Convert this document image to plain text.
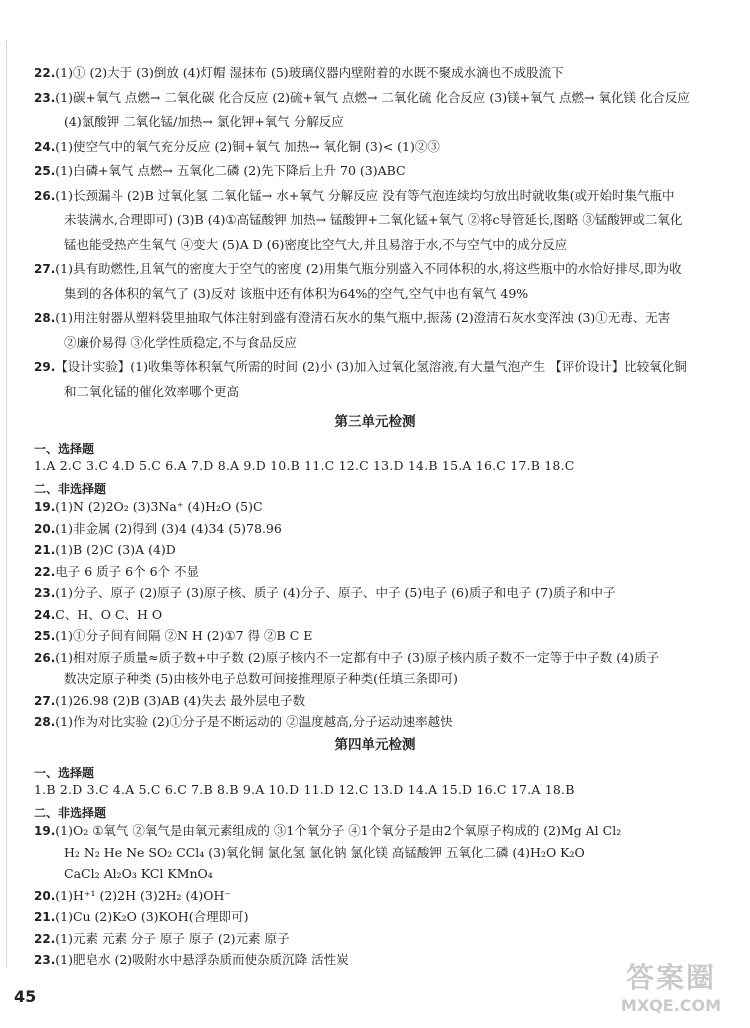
22.(1)① (2)大于 (3)倒放 (4)灯帽 湿抹布 (5)玻璃仪器内壁附着的水既不聚成水滴也不成股流下
23.(1)碳+氧气 点燃→ 二氧化碳 化合反应 (2)硫+氧气 点燃→ 二氧化硫 化合反应 (3)镁+氧气 点燃→ 氧化镁 化合反应
(4)氯酸钾 二氧化锰/加热→ 氯化钾+氧气 分解反应
24.(1)使空气中的氧气充分反应 (2)铜+氧气 加热→ 氧化铜 (3)< (1)②③
25.(1)白磷+氧气 点燃→ 五氧化二磷 (2)先下降后上升 70 (3)ABC
26.(1)长颈漏斗 (2)B 过氧化氢 二氧化锰→ 水+氧气 分解反应 没有等气泡连续均匀放出时就收集(或开始时集气瓶中
未装满水,合理即可) (3)B (4)①高锰酸钾 加热→ 锰酸钾+二氧化锰+氧气 ②将c导管延长,图略 ③锰酸钾或二氧化
锰也能受热产生氧气 ④变大 (5)A D (6)密度比空气大,并且易溶于水,不与空气中的成分反应
27.(1)具有助燃性,且氧气的密度大于空气的密度 (2)用集气瓶分别盛入不同体积的水,将这些瓶中的水恰好排尽,即为收
集到的各体积的氧气了 (3)反对 该瓶中还有体积为64%的空气,空气中也有氧气 49%
28.(1)用注射器从塑料袋里抽取气体注射到盛有澄清石灰水的集气瓶中,振荡 (2)澄清石灰水变浑浊 (3)①无毒、无害
②廉价易得 ③化学性质稳定,不与食品反应
29.【设计实验】(1)收集等体积氧气所需的时间 (2)小 (3)加入过氧化氢溶液,有大量气泡产生 【评价设计】比较氧化铜
和二氧化锰的催化效率哪个更高
第三单元检测
一、选择题
1.A 2.C 3.C 4.D 5.C 6.A 7.D 8.A 9.D 10.B 11.C 12.C 13.D 14.B 15.A 16.C 17.B 18.C
二、非选择题
19.(1)N (2)2O₂ (3)3Na⁺ (4)H₂O (5)C
20.(1)非金属 (2)得到 (3)4 (4)34 (5)78.96
21.(1)B (2)C (3)A (4)D
22.电子 6 质子 6个 6个 不显
23.(1)分子、原子 (2)原子 (3)原子核、质子 (4)分子、原子、中子 (5)电子 (6)质子和电子 (7)质子和中子
24.C、H、O C、H O
25.(1)①分子间有间隔 ②N H (2)①7 得 ②B C E
26.(1)相对原子质量≈质子数+中子数 (2)原子核内不一定都有中子 (3)原子核内质子数不一定等于中子数 (4)质子
数决定原子种类 (5)由核外电子总数可间接推理原子种类(任填三条即可)
27.(1)26.98 (2)B (3)AB (4)失去 最外层电子数
28.(1)作为对比实验 (2)①分子是不断运动的 ②温度越高,分子运动速率越快
第四单元检测
一、选择题
1.B 2.D 3.C 4.A 5.C 6.C 7.B 8.B 9.A 10.D 11.D 12.C 13.D 14.A 15.D 16.C 17.A 18.B
二、非选择题
19.(1)O₂ ①氧气 ②氧气是由氧元素组成的 ③1个氧分子 ④1个氧分子是由2个氧原子构成的 (2)Mg Al Cl₂
H₂ N₂ He Ne SO₂ CCl₄ (3)氧化铜 氯化氢 氯化钠 氯化镁 高锰酸钾 五氧化二磷 (4)H₂O K₂O
CaCl₂ Al₂O₃ KCl KMnO₄
20.(1)H⁺¹ (2)2H (3)2H₂ (4)OH⁻
21.(1)Cu (2)K₂O (3)KOH(合理即可)
22.(1)元素 元素 分子 原子 原子 (2)元素 原子
23.(1)肥皂水 (2)吸附水中悬浮杂质而使杂质沉降 活性炭
45
答案圈
MXQE.COM
